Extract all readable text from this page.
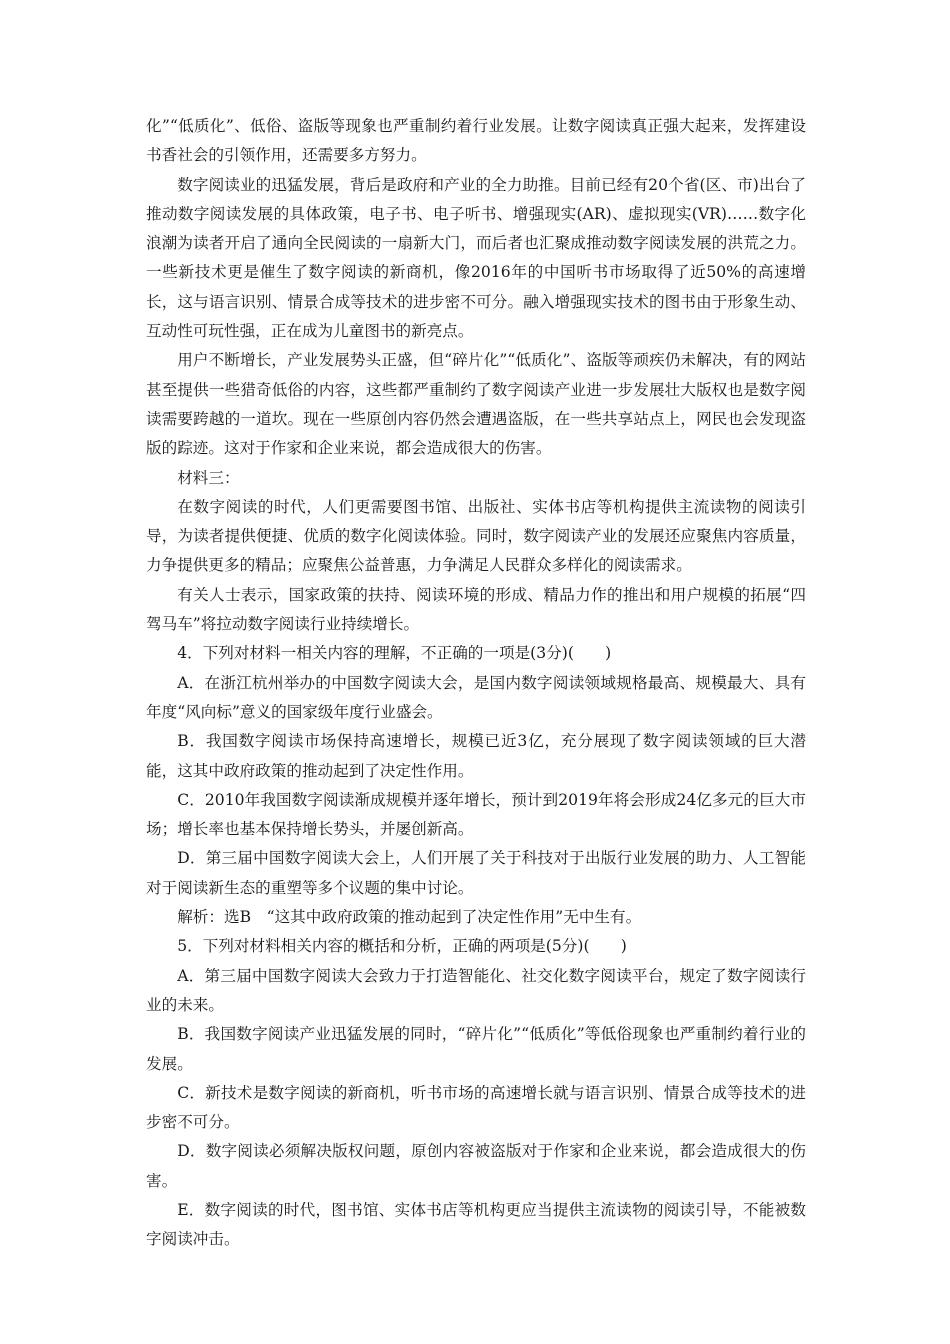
化”“低质化”、低俗、盗版等现象也严重制约着行业发展。让数字阅读真正强大起来，发挥建设书香社会的引领作用，还需要多方努力。

数字阅读业的迅猛发展，背后是政府和产业的全力助推。目前已经有20个省(区、市)出台了推动数字阅读发展的具体政策，电子书、电子听书、增强现实(AR)、虚拟现实(VR)……数字化浪潮为读者开启了通向全民阅读的一扇新大门，而后者也汇聚成推动数字阅读发展的洪荒之力。一些新技术更是催生了数字阅读的新商机，像2016年的中国听书市场取得了近50%的高速增长，这与语言识别、情景合成等技术的进步密不可分。融入增强现实技术的图书由于形象生动、互动性可玩性强，正在成为儿童图书的新亮点。

用户不断增长，产业发展势头正盛，但“碎片化”“低质化”、盗版等顽疾仍未解决，有的网站甚至提供一些猎奇低俗的内容，这些都严重制约了数字阅读产业进一步发展壮大版权也是数字阅读需要跨越的一道坎。现在一些原创内容仍然会遭遇盗版，在一些共享站点上，网民也会发现盗版的踪迹。这对于作家和企业来说，都会造成很大的伤害。

材料三：

在数字阅读的时代，人们更需要图书馆、出版社、实体书店等机构提供主流读物的阅读引导，为读者提供便捷、优质的数字化阅读体验。同时，数字阅读产业的发展还应聚焦内容质量，力争提供更多的精品；应聚焦公益普惠，力争满足人民群众多样化的阅读需求。

有关人士表示，国家政策的扶持、阅读环境的形成、精品力作的推出和用户规模的拓展“四驾马车”将拉动数字阅读行业持续增长。

4．下列对材料一相关内容的理解，不正确的一项是(3分)(　　)

A．在浙江杭州举办的中国数字阅读大会，是国内数字阅读领域规格最高、规模最大、具有年度“风向标”意义的国家级年度行业盛会。

B．我国数字阅读市场保持高速增长，规模已近3亿，充分展现了数字阅读领域的巨大潜能，这其中政府政策的推动起到了决定性作用。

C．2010年我国数字阅读渐成规模并逐年增长，预计到2019年将会形成24亿多元的巨大市场；增长率也基本保持增长势头，并屡创新高。

D．第三届中国数字阅读大会上，人们开展了关于科技对于出版行业发展的助力、人工智能对于阅读新生态的重塑等多个议题的集中讨论。

解析：选B　“这其中政府政策的推动起到了决定性作用”无中生有。

5．下列对材料相关内容的概括和分析，正确的两项是(5分)(　　)

A．第三届中国数字阅读大会致力于打造智能化、社交化数字阅读平台，规定了数字阅读行业的未来。

B．我国数字阅读产业迅猛发展的同时，“碎片化”“低质化”等低俗现象也严重制约着行业的发展。

C．新技术是数字阅读的新商机，听书市场的高速增长就与语言识别、情景合成等技术的进步密不可分。

D．数字阅读必须解决版权问题，原创内容被盗版对于作家和企业来说，都会造成很大的伤害。

E．数字阅读的时代，图书馆、实体书店等机构更应当提供主流读物的阅读引导，不能被数字阅读冲击。
